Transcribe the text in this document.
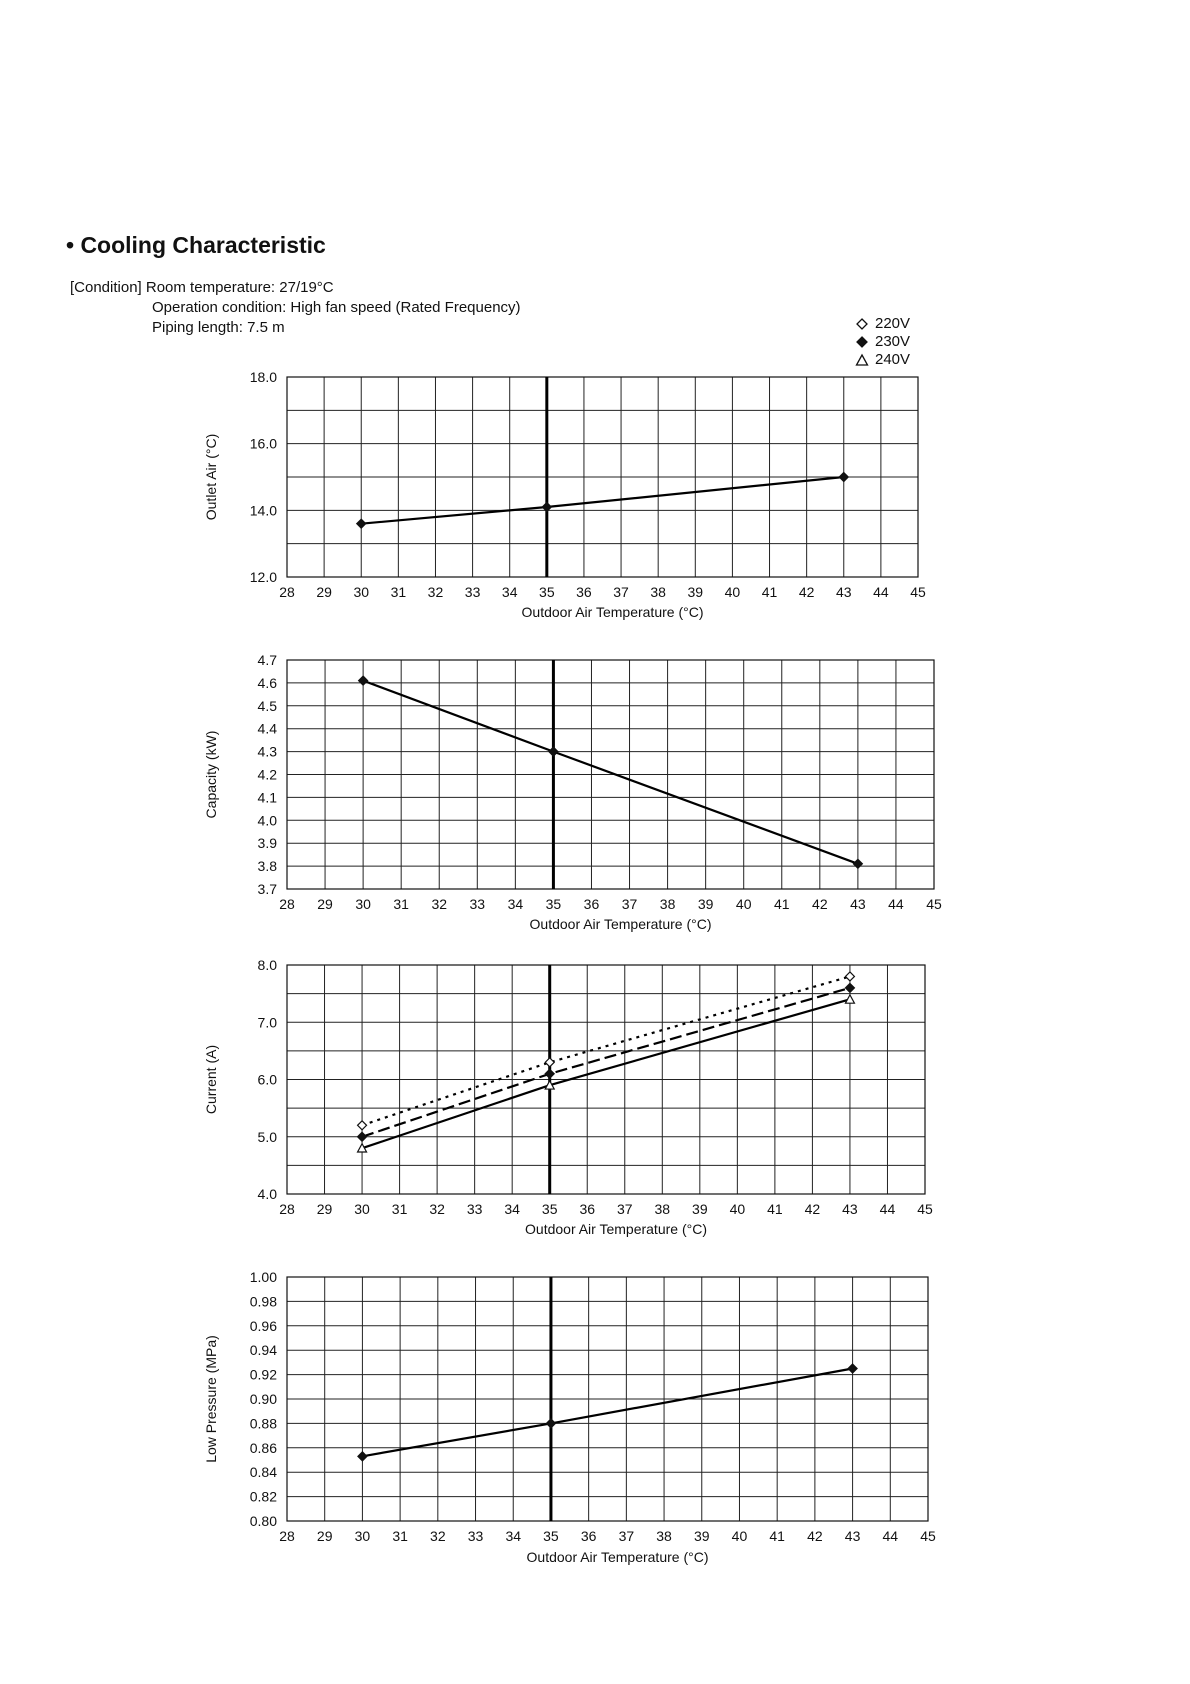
• Cooling Characteristic
[Condition] Room temperature: 27/19°C
Operation condition: High fan speed (Rated Frequency)
Piping length: 7.5 m	220V
230V
240V
28 29 30 31 32 33 34 35 36 37 38 39 40 41 42 43 44 45
12.0
14.0
16.0
18.0
Outdoor Air Temperature (°C)
Outlet Air (°C)
28 29 30 31 32 33 34 35 36 37 38 39 40 41 42 43 44 45
3.7
3.8
3.9
4.0
4.1
4.2
4.3
4.4
4.5
4.6
4.7
Outdoor Air Temperature (°C)
Capacity (kW)
28 29 30 31 32 33 34 35 36 37 38 39 40 41 42 43 44 45
4.0
5.0
6.0
7.0
8.0
Outdoor Air Temperature (°C)
Current (A)
28 29 30 31 32 33 34 35 36 37 38 39 40 41 42 43 44 45
0.80
0.82
0.84
0.86
0.88
0.90
0.92
0.94
0.96
0.98
1.00
Outdoor Air Temperature (°C)
Low Pressure (MPa)
